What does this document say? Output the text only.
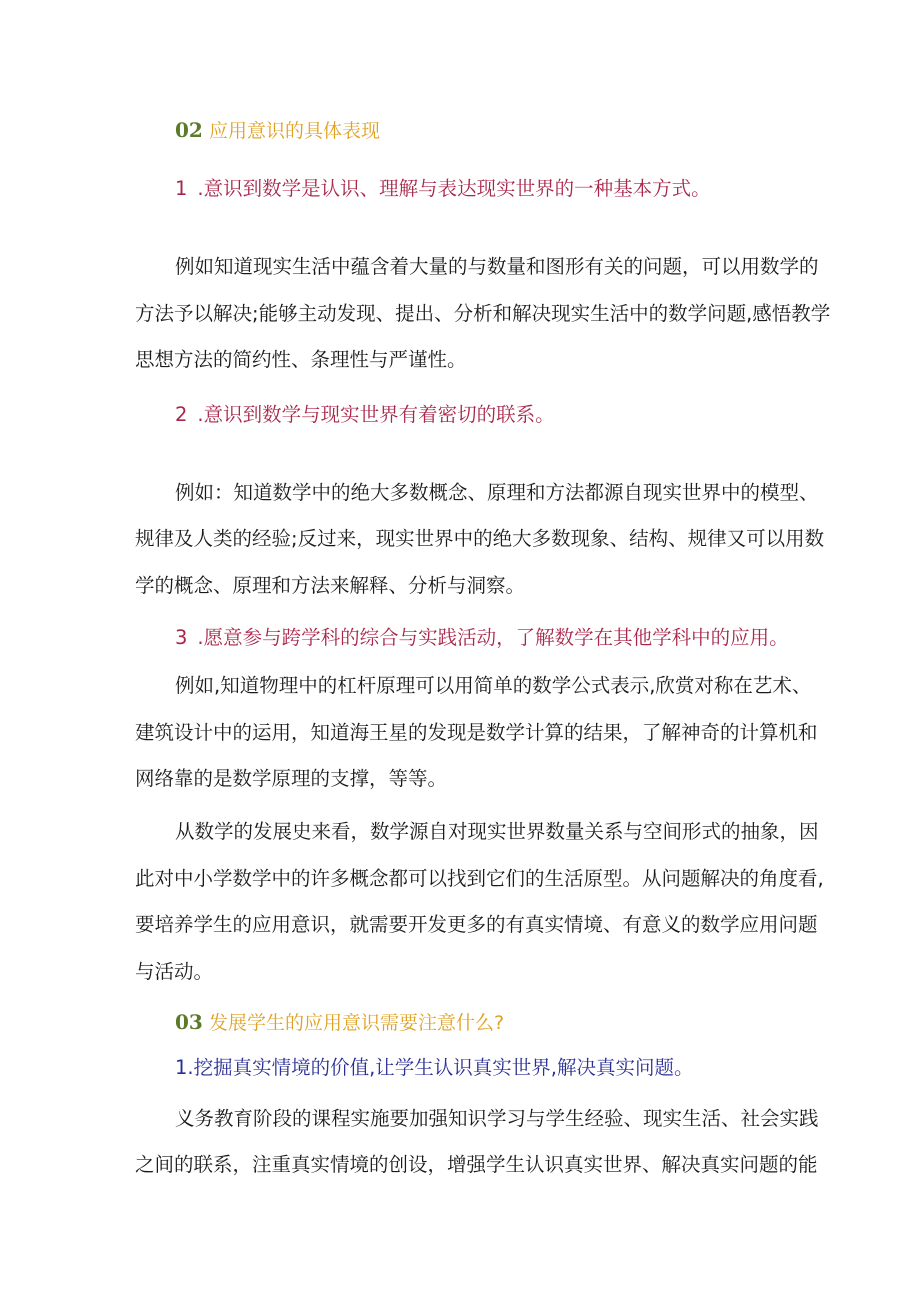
02 应用意识的具体表现
1 .意识到数学是认识、理解与表达现实世界的一种基本方式。
例如知道现实生活中蕴含着大量的与数量和图形有关的问题，可以用数学的
方法予以解决;能够主动发现、提出、分析和解决现实生活中的数学问题,感悟教学
思想方法的简约性、条理性与严谨性。
2 .意识到数学与现实世界有着密切的联系。
例如：知道数学中的绝大多数概念、原理和方法都源自现实世界中的模型、
规律及人类的经验;反过来，现实世界中的绝大多数现象、结构、规律又可以用数
学的概念、原理和方法来解释、分析与洞察。
3 .愿意参与跨学科的综合与实践活动，了解数学在其他学科中的应用。
例如,知道物理中的杠杆原理可以用简单的数学公式表示,欣赏对称在艺术、
建筑设计中的运用，知道海王星的发现是数学计算的结果，了解神奇的计算机和
网络靠的是数学原理的支撑，等等。
从数学的发展史来看，数学源自对现实世界数量关系与空间形式的抽象，因
此对中小学数学中的许多概念都可以找到它们的生活原型。从问题解决的角度看,
要培养学生的应用意识，就需要开发更多的有真实情境、有意义的数学应用问题
与活动。
03 发展学生的应用意识需要注意什么?
1.挖掘真实情境的价值,让学生认识真实世界,解决真实问题。
义务教育阶段的课程实施要加强知识学习与学生经验、现实生活、社会实践
之间的联系，注重真实情境的创设，增强学生认识真实世界、解决真实问题的能
